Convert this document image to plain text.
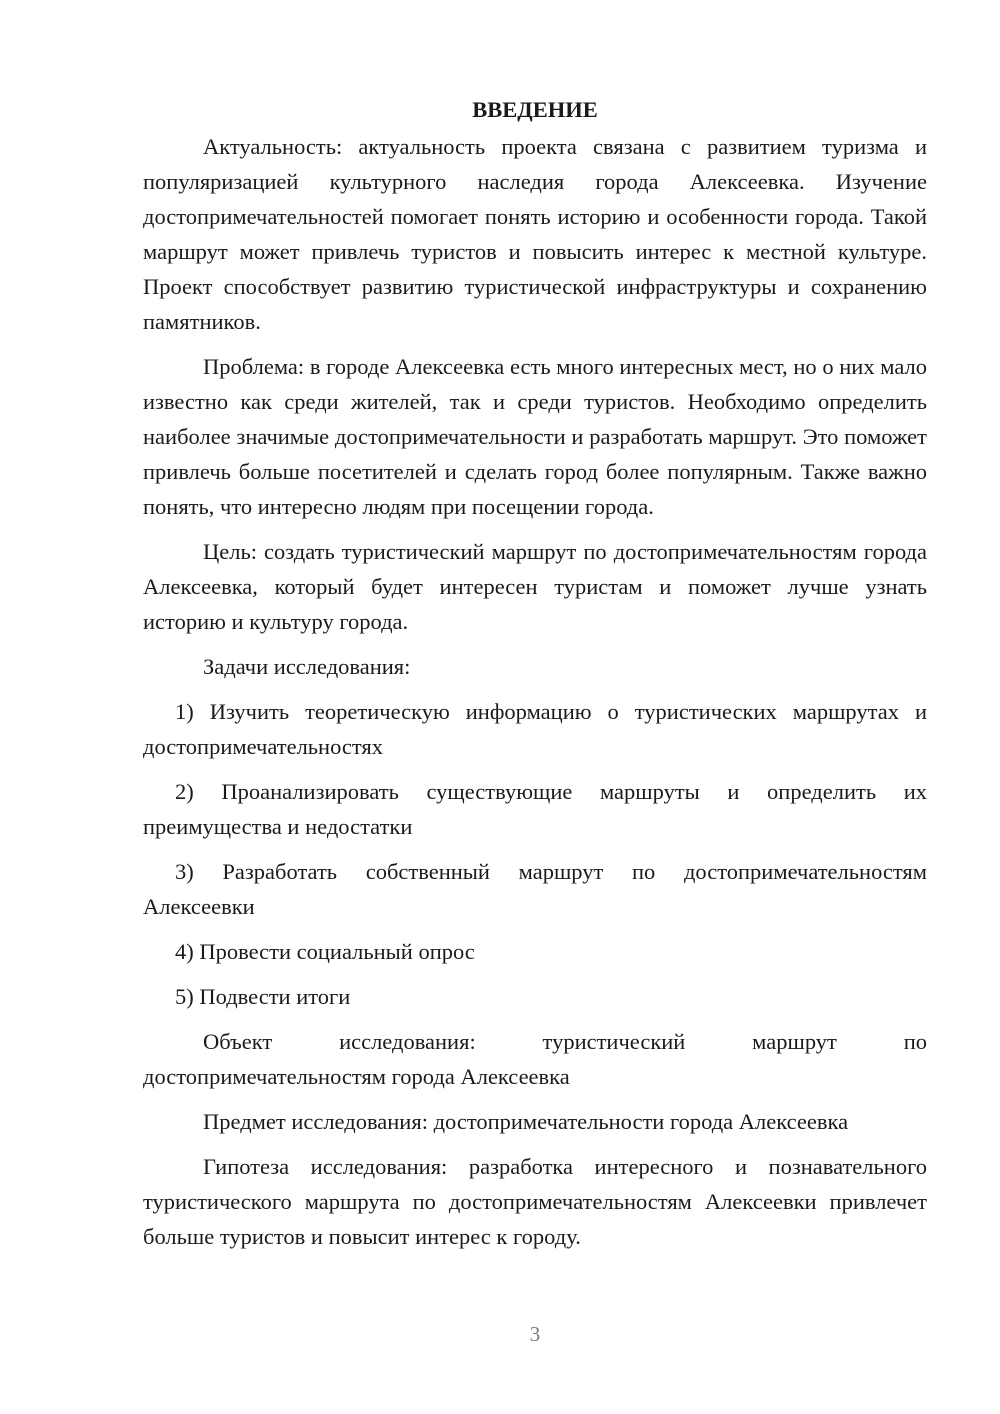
ВВЕДЕНИЕ

Актуальность: актуальность проекта связана с развитием туризма и популяризацией культурного наследия города Алексеевка. Изучение достопримечательностей помогает понять историю и особенности города. Такой маршрут может привлечь туристов и повысить интерес к местной культуре. Проект способствует развитию туристической инфраструктуры и сохранению памятников.

Проблема: в городе Алексеевка есть много интересных мест, но о них мало известно как среди жителей, так и среди туристов. Необходимо определить наиболее значимые достопримечательности и разработать маршрут. Это поможет привлечь больше посетителей и сделать город более популярным. Также важно понять, что интересно людям при посещении города.

Цель: создать туристический маршрут по достопримечательностям города Алексеевка, который будет интересен туристам и поможет лучше узнать историю и культуру города.

Задачи исследования:

1) Изучить теоретическую информацию о туристических маршрутах и достопримечательностях

2) Проанализировать существующие маршруты и определить их преимущества и недостатки

3) Разработать собственный маршрут по достопримечательностям Алексеевки

4) Провести социальный опрос

5) Подвести итоги

Объект исследования: туристический маршрут по достопримечательностям города Алексеевка

Предмет исследования: достопримечательности города Алексеевка

Гипотеза исследования: разработка интересного и познавательного туристического маршрута по достопримечательностям Алексеевки привлечет больше туристов и повысит интерес к городу.

3
